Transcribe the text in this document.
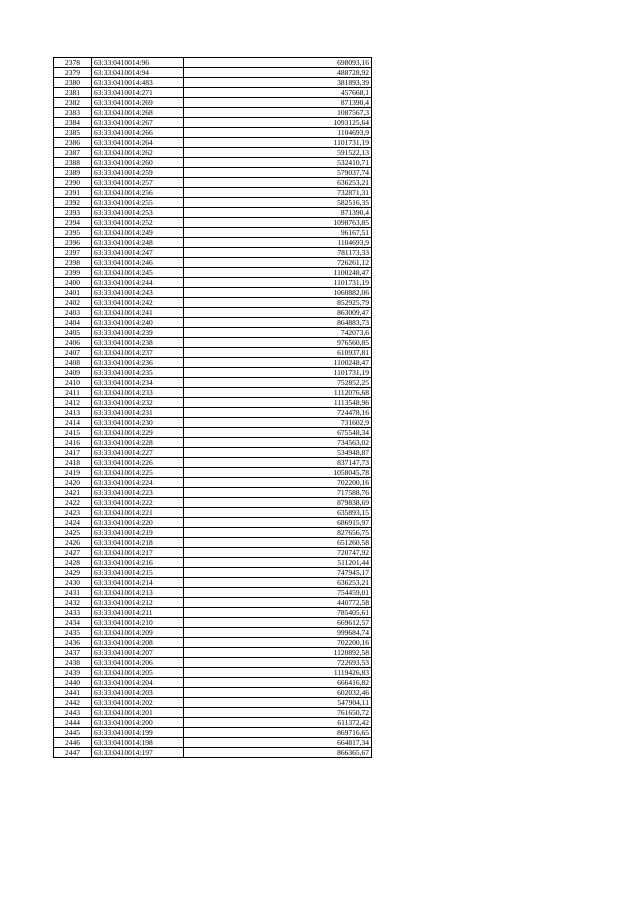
2378	63:33:0410014:96	698093,16
2379	63:33:0410014:94	488728,92
2380	63:33:0410014:483	381893,39
2381	63:33:0410014:271	457668,1
2382	63:33:0410014:269	871390,4
2383	63:33:0410014:268	1087567,3
2384	63:33:0410014:267	1093125,64
2385	63:33:0410014:266	1104693,9
2386	63:33:0410014:264	1101731,19
2387	63:33:0410014:262	591522,13
2388	63:33:0410014:260	532410,71
2389	63:33:0410014:259	579037,74
2390	63:33:0410014:257	636253,21
2391	63:33:0410014:256	732871,31
2392	63:33:0410014:255	582516,35
2393	63:33:0410014:253	871390,4
2394	63:33:0410014:252	1098763,85
2395	63:33:0410014:249	96167,51
2396	63:33:0410014:248	1104693,9
2397	63:33:0410014:247	781173,33
2398	63:33:0410014:246	726261,12
2399	63:33:0410014:245	1100248,47
2400	63:33:0410014:244	1101731,19
2401	63:33:0410014:243	1060882,06
2402	63:33:0410014:242	852925,79
2403	63:33:0410014:241	863009,47
2404	63:33:0410014:240	864883,73
2405	63:33:0410014:239	742073,6
2406	63:33:0410014:238	976560,85
2407	63:33:0410014:237	610937,81
2408	63:33:0410014:236	1100248,47
2409	63:33:0410014:235	1101731,19
2410	63:33:0410014:234	752852,25
2411	63:33:0410014:233	1112076,68
2412	63:33:0410014:232	1113548,96
2413	63:33:0410014:231	724478,16
2414	63:33:0410014:230	731602,9
2415	63:33:0410014:229	675548,34
2416	63:33:0410014:228	734563,02
2417	63:33:0410014:227	534948,87
2418	63:33:0410014:226	837147,73
2419	63:33:0410014:225	1058045,78
2420	63:33:0410014:224	702200,16
2421	63:33:0410014:223	717588,76
2422	63:33:0410014:222	879838,69
2423	63:33:0410014:221	635893,15
2424	63:33:0410014:220	686915,97
2425	63:33:0410014:219	827656,75
2426	63:33:0410014:218	651260,58
2427	63:33:0410014:217	720747,92
2428	63:33:0410014:216	511201,44
2429	63:33:0410014:215	747945,17
2430	63:33:0410014:214	636253,21
2431	63:33:0410014:213	754459,01
2432	63:33:0410014:212	440772,58
2433	63:33:0410014:211	785405,61
2434	63:33:0410014:210	669612,57
2435	63:33:0410014:209	999684,74
2436	63:33:0410014:208	702200,16
2437	63:33:0410014:207	1120892,58
2438	63:33:0410014:206	722693,53
2439	63:33:0410014:205	1119426,83
2440	63:33:0410014:204	666416,82
2441	63:33:0410014:203	602032,46
2442	63:33:0410014:202	547904,11
2443	63:33:0410014:201	761650,72
2444	63:33:0410014:200	611372,42
2445	63:33:0410014:199	869716,65
2446	63:33:0410014:198	664817,34
2447	63:33:0410014:197	866365,67
